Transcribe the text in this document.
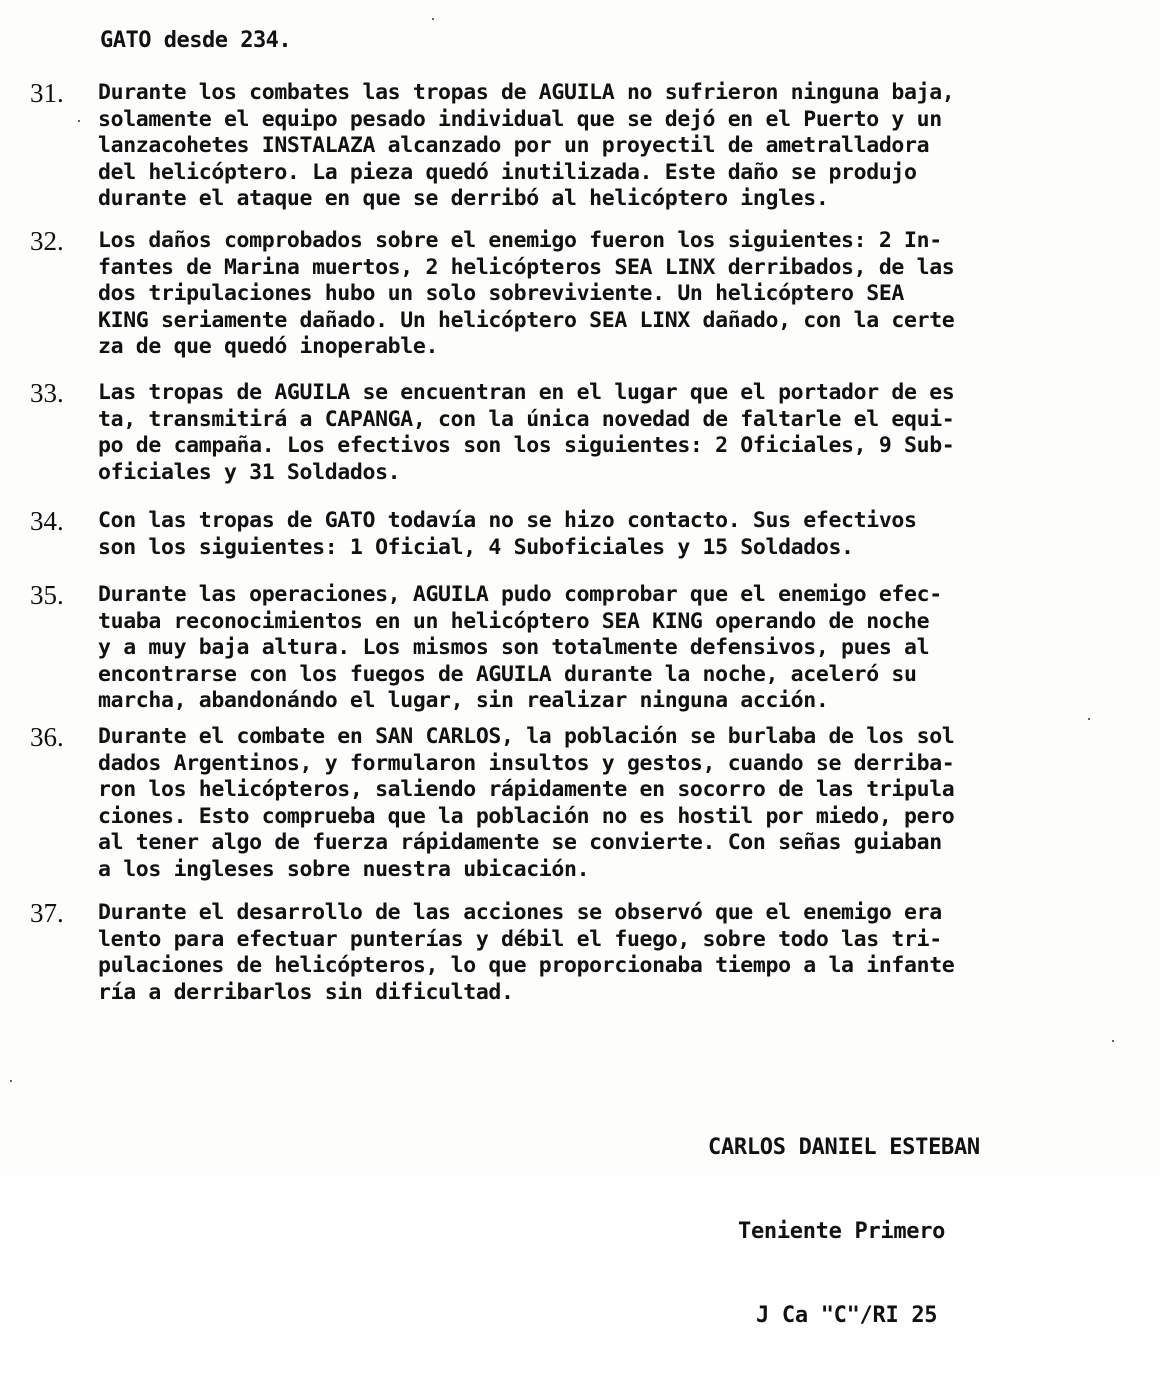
GATO desde 234.
31. Durante los combates las tropas de AGUILA no sufrieron ninguna baja,
solamente el equipo pesado individual que se dejó en el Puerto y un
lanzacohetes INSTALAZA alcanzado por un proyectil de ametralladora
del helicóptero. La pieza quedó inutilizada. Este daño se produjo
durante el ataque en que se derribó al helicóptero ingles.
32. Los daños comprobados sobre el enemigo fueron los siguientes: 2 In-
fantes de Marina muertos, 2 helicópteros SEA LINX derribados, de las
dos tripulaciones hubo un solo sobreviviente. Un helicóptero SEA
KING seriamente dañado. Un helicóptero SEA LINX dañado, con la certe
za de que quedó inoperable.
33. Las tropas de AGUILA se encuentran en el lugar que el portador de es
ta, transmitirá a CAPANGA, con la única novedad de faltarle el equi-
po de campaña. Los efectivos son los siguientes: 2 Oficiales, 9 Sub-
oficiales y 31 Soldados.
34. Con las tropas de GATO todavía no se hizo contacto. Sus efectivos
son los siguientes: 1 Oficial, 4 Suboficiales y 15 Soldados.
35. Durante las operaciones, AGUILA pudo comprobar que el enemigo efec-
tuaba reconocimientos en un helicóptero SEA KING operando de noche
y a muy baja altura. Los mismos son totalmente defensivos, pues al
encontrarse con los fuegos de AGUILA durante la noche, aceleró su
marcha, abandonándo el lugar, sin realizar ninguna acción.
36. Durante el combate en SAN CARLOS, la población se burlaba de los sol
dados Argentinos, y formularon insultos y gestos, cuando se derriba-
ron los helicópteros, saliendo rápidamente en socorro de las tripula
ciones. Esto comprueba que la población no es hostil por miedo, pero
al tener algo de fuerza rápidamente se convierte. Con señas guiaban
a los ingleses sobre nuestra ubicación.
37. Durante el desarrollo de las acciones se observó que el enemigo era
lento para efectuar punterías y débil el fuego, sobre todo las tri-
pulaciones de helicópteros, lo que proporcionaba tiempo a la infante
ría a derribarlos sin dificultad.

CARLOS DANIEL ESTEBAN

Teniente Primero

J Ca "C"/RI 25
